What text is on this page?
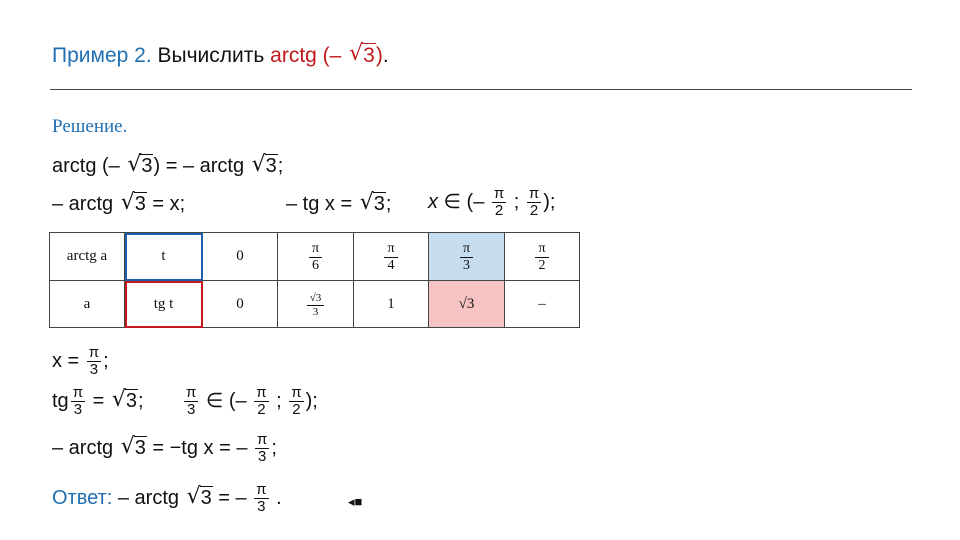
Пример 2. Вычислить arctg (– √ 3).
Решение.
arctg (– √ 3) = – arctg √ 3;
– arctg √ 3 = x;	– tg x = √ 3; x ∈ (– $\frac{\pi}{2}$ ; $\frac{\pi}{2}$ );
arctg a	t	0	$\frac{\pi}{6}$	$\frac{\pi}{4}$	$\frac{\pi}{3}$	$\frac{\pi}{2}$

a	tg t	0	$\frac{√3}{3}$	1	√3	–
$x = \frac{\pi}{3}$ ;
tg $\frac{\pi}{3}$ = √ 3;	$\frac{\pi}{3}$ ∈ (– $\frac{\pi}{2}$ ; $\frac{\pi}{2}$ );
– arctg √ 3 = −tg x = – $\frac{\pi}{3}$ ;
Ответ: – arctg √ 3 = – $\frac{\pi}{3}$ .	◂■
